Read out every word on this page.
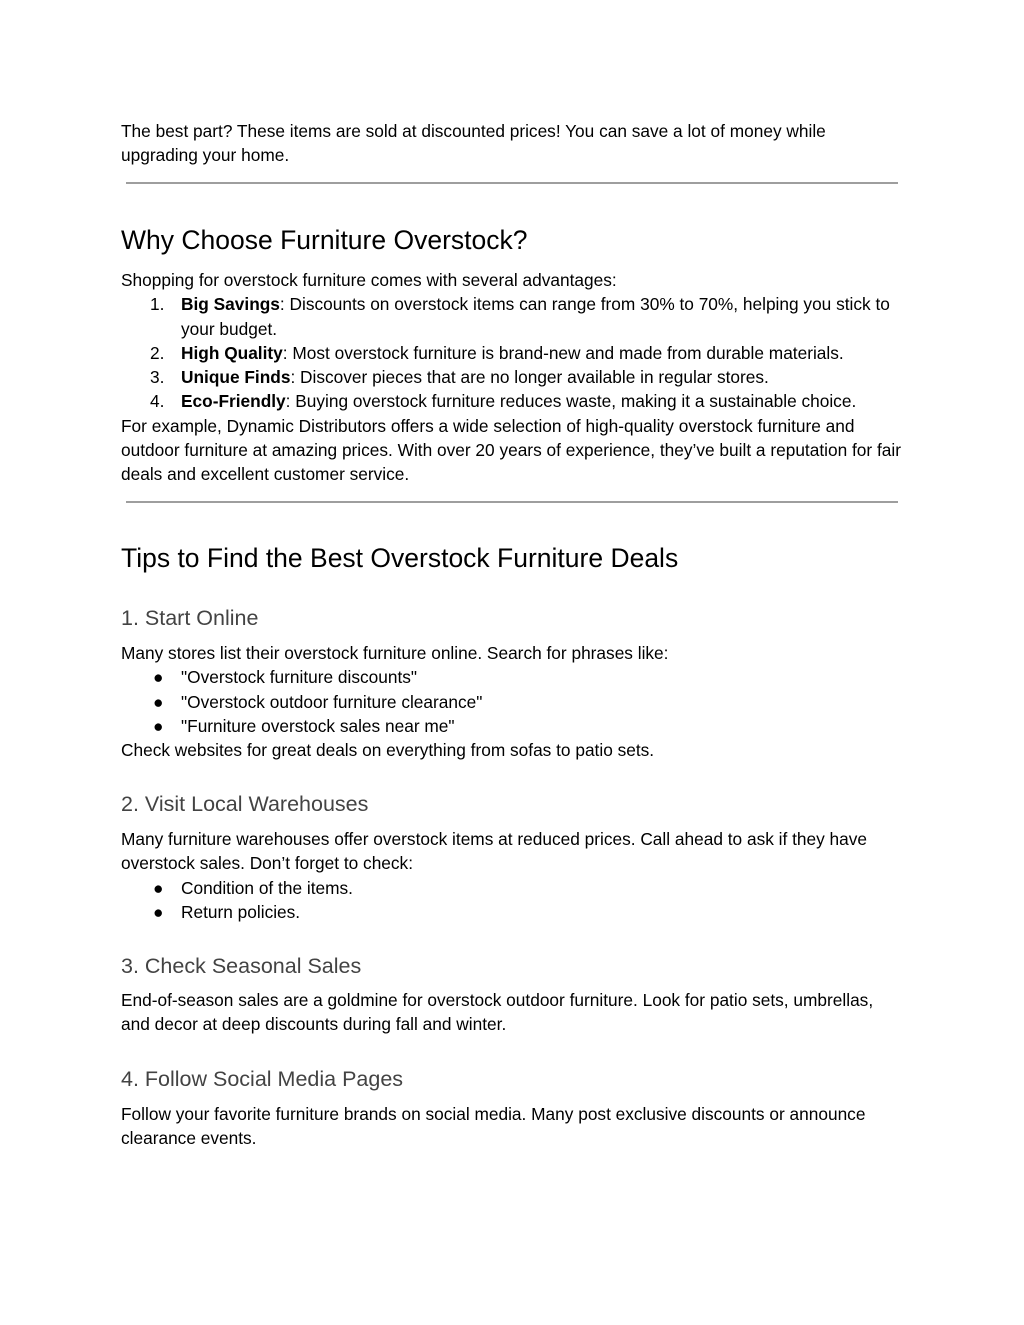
The best part? These items are sold at discounted prices! You can save a lot of money while upgrading your home.

Why Choose Furniture Overstock?

Shopping for overstock furniture comes with several advantages:

1. Big Savings: Discounts on overstock items can range from 30% to 70%, helping you stick to your budget.
2. High Quality: Most overstock furniture is brand-new and made from durable materials.
3. Unique Finds: Discover pieces that are no longer available in regular stores.
4. Eco-Friendly: Buying overstock furniture reduces waste, making it a sustainable choice.

For example, Dynamic Distributors offers a wide selection of high-quality overstock furniture and outdoor furniture at amazing prices. With over 20 years of experience, they’ve built a reputation for fair deals and excellent customer service.

Tips to Find the Best Overstock Furniture Deals
1. Start Online

Many stores list their overstock furniture online. Search for phrases like:

● "Overstock furniture discounts"
● "Overstock outdoor furniture clearance"
● "Furniture overstock sales near me"

Check websites for great deals on everything from sofas to patio sets.

2. Visit Local Warehouses

Many furniture warehouses offer overstock items at reduced prices. Call ahead to ask if they have overstock sales. Don’t forget to check:

● Condition of the items.
● Return policies.
3. Check Seasonal Sales

End-of-season sales are a goldmine for overstock outdoor furniture. Look for patio sets, umbrellas, and decor at deep discounts during fall and winter.

4. Follow Social Media Pages

Follow your favorite furniture brands on social media. Many post exclusive discounts or announce clearance events.
